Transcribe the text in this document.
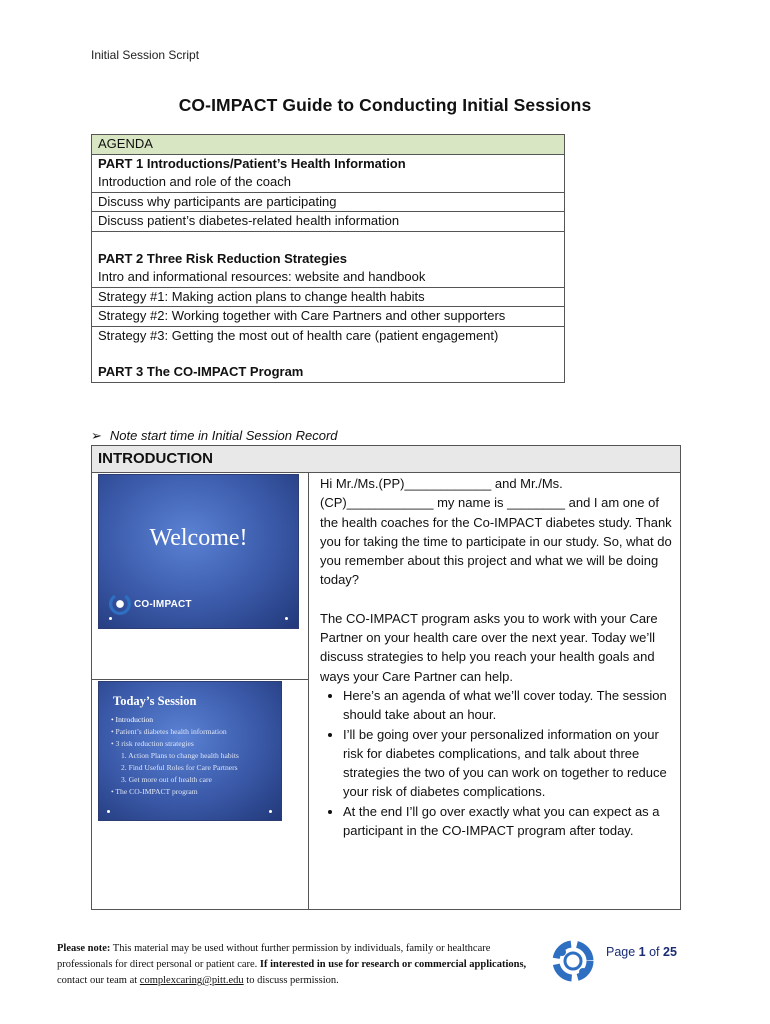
Initial Session Script
CO-IMPACT Guide to Conducting Initial Sessions
AGENDA
PART 1 Introductions/Patient’s Health Information
Introduction and role of the coach
Discuss why participants are participating
Discuss patient’s diabetes-related health information
PART 2 Three Risk Reduction Strategies
Intro and informational resources: website and handbook
Strategy #1: Making action plans to change health habits
Strategy #2: Working together with Care Partners and other supporters
Strategy #3: Getting the most out of health care (patient engagement)
PART 3 The CO-IMPACT Program
➢ Note start time in Initial Session Record
INTRODUCTION
Welcome!
CO-IMPACT
Today’s Session
• Introduction
• Patient’s diabetes health information
• 3 risk reduction strategies
1. Action Plans to change health habits
2. Find Useful Roles for Care Partners
3. Get more out of health care
• The CO-IMPACT program

Hi Mr./Ms.(PP)____________ and Mr./Ms.(CP)____________ my name is ________ and I am one of the health coaches for the Co-IMPACT diabetes study. Thank you for taking the time to participate in our study. So, what do you remember about this project and what we will be doing today?

The CO-IMPACT program asks you to work with your Care Partner on your health care over the next year. Today we’ll discuss strategies to help you reach your health goals and ways your Care Partner can help.

• Here’s an agenda of what we’ll cover today. The session should take about an hour.
• I’ll be going over your personalized information on your risk for diabetes complications, and talk about three strategies the two of you can work on together to reduce your risk of diabetes complications.
• At the end I’ll go over exactly what you can expect as a participant in the CO-IMPACT program after today.
Please note: This material may be used without further permission by individuals, family or healthcare professionals for direct personal or patient care. If interested in use for research or commercial applications, contact our team at complexcaring@pitt.edu to discuss permission.
Page 1 of 25
